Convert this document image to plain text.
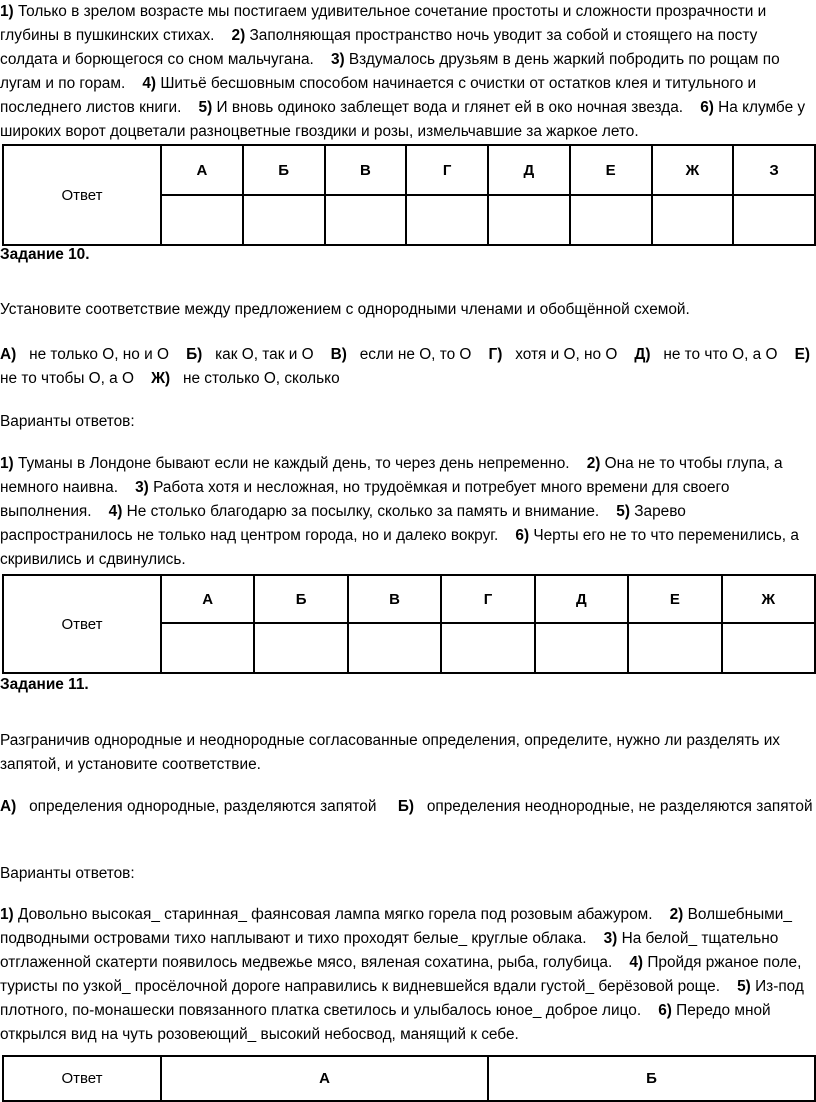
1) Только в зрелом возрасте мы постигаем удивительное сочетание простоты и сложности прозрачности и глубины в пушкинских стихах. 2) Заполняющая пространство ночь уводит за собой и стоящего на посту солдата и борющегося со сном мальчугана. 3) Вздумалось друзьям в день жаркий побродить по рощам по лугам и по горам. 4) Шитьё бесшовным способом начинается с очистки от остатков клея и титульного и последнего листов книги. 5) И вновь одиноко заблещет вода и глянет ей в око ночная звезда. 6) На клумбе у широких ворот доцветали разноцветные гвоздики и розы, измельчавшие за жаркое лето.

Ответ	А	Б	В	Г	Д	Е	Ж	З

Задание 10.

Установите соответствие между предложением с однородными членами и обобщённой схемой.

А) не только О, но и О Б) как О, так и О В) если не О, то О Г) хотя и О, но О Д) не то что О, а О Е) не то чтобы О, а О Ж) не столько О, сколько

Варианты ответов:

1) Туманы в Лондоне бывают если не каждый день, то через день непременно. 2) Она не то чтобы глупа, а немного наивна. 3) Работа хотя и несложная, но трудоёмкая и потребует много времени для своего выполнения. 4) Не столько благодарю за посылку, сколько за память и внимание. 5) Зарево распространилось не только над центром города, но и далеко вокруг. 6) Черты его не то что переменились, а скривились и сдвинулись.

Ответ	А	Б	В	Г	Д	Е	Ж

Задание 11.

Разграничив однородные и неоднородные согласованные определения, определите, нужно ли разделять их запятой, и установите соответствие.

А) определения однородные, разделяются запятой Б) определения неоднородные, не разделяются запятой

Варианты ответов:

1) Довольно высокая_ старинная_ фаянсовая лампа мягко горела под розовым абажуром. 2) Волшебными_ подводными островами тихо наплывают и тихо проходят белые_ круглые облака. 3) На белой_ тщательно отглаженной скатерти появилось медвежье мясо, вяленая сохатина, рыба, голубица. 4) Пройдя ржаное поле, туристы по узкой_ просёлочной дороге направились к видневшейся вдали густой_ берёзовой роще. 5) Из-под плотного, по-монашески повязанного платка светилось и улыбалось юное_ доброе лицо. 6) Передо мной открылся вид на чуть розовеющий_ высокий небосвод, манящий к себе.

Ответ	А	Б
